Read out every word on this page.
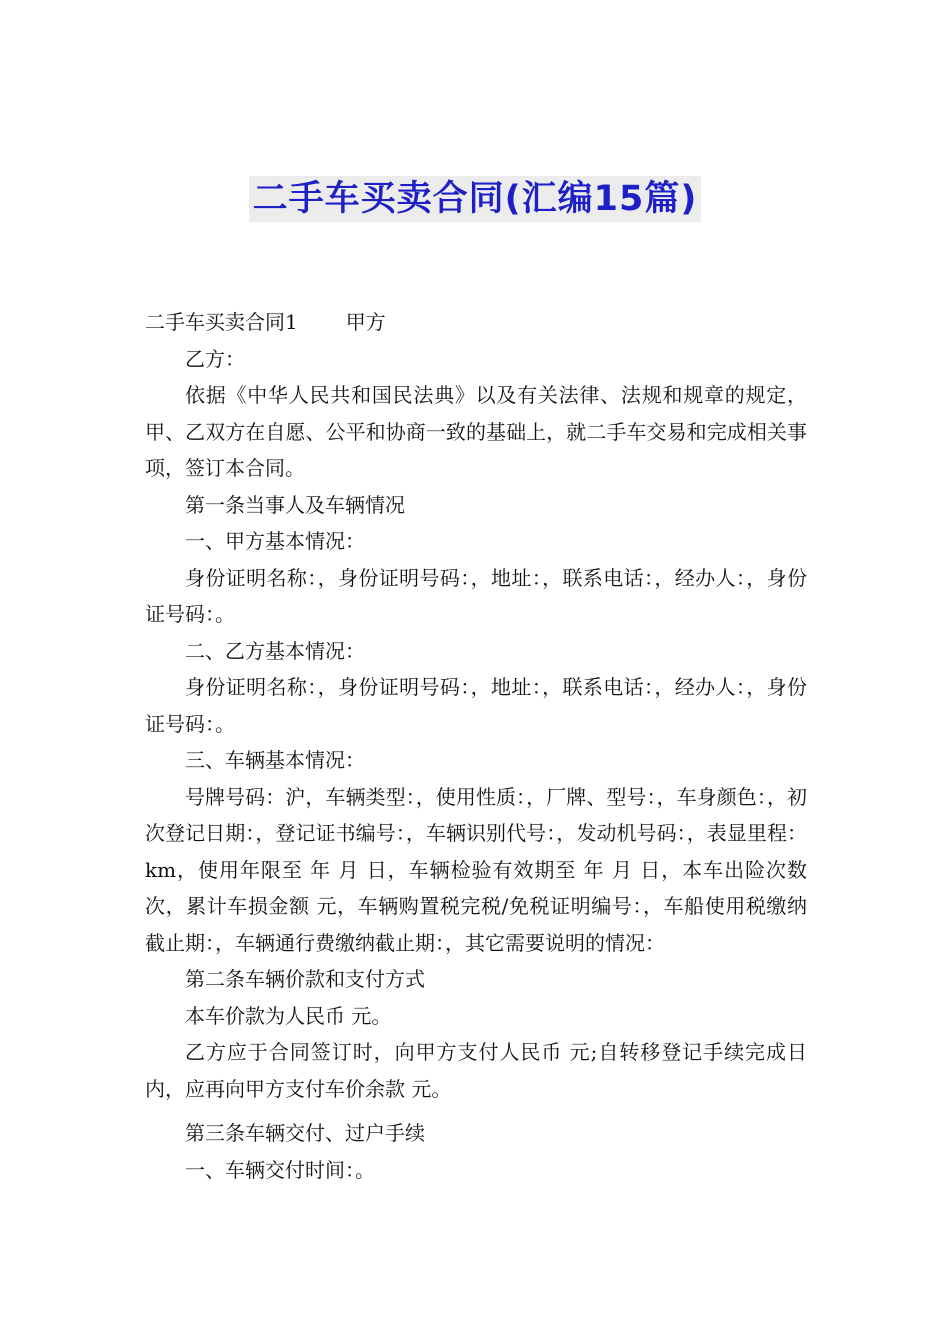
二手车买卖合同(汇编15篇)

二手车买卖合同1 甲方

乙方：

依据《中华人民共和国民法典》以及有关法律、法规和规章的规定，甲、乙双方在自愿、公平和协商一致的基础上，就二手车交易和完成相关事项，签订本合同。

第一条当事人及车辆情况

一、甲方基本情况：

身份证明名称：，身份证明号码：，地址：，联系电话：，经办人：，身份证号码：。

二、乙方基本情况：

身份证明名称：，身份证明号码：，地址：，联系电话：，经办人：，身份证号码：。

三、车辆基本情况：

号牌号码：沪，车辆类型：，使用性质：，厂牌、型号：，车身颜色：，初次登记日期：，登记证书编号：，车辆识别代号：，发动机号码：，表显里程：km，使用年限至 年 月 日，车辆检验有效期至 年 月 日，本车出险次数次，累计车损金额 元，车辆购置税完税/免税证明编号：，车船使用税缴纳截止期：，车辆通行费缴纳截止期：，其它需要说明的情况：

第二条车辆价款和支付方式

本车价款为人民币 元。

乙方应于合同签订时，向甲方支付人民币 元;自转移登记手续完成日内，应再向甲方支付车价余款 元。

第三条车辆交付、过户手续

一、车辆交付时间：。
